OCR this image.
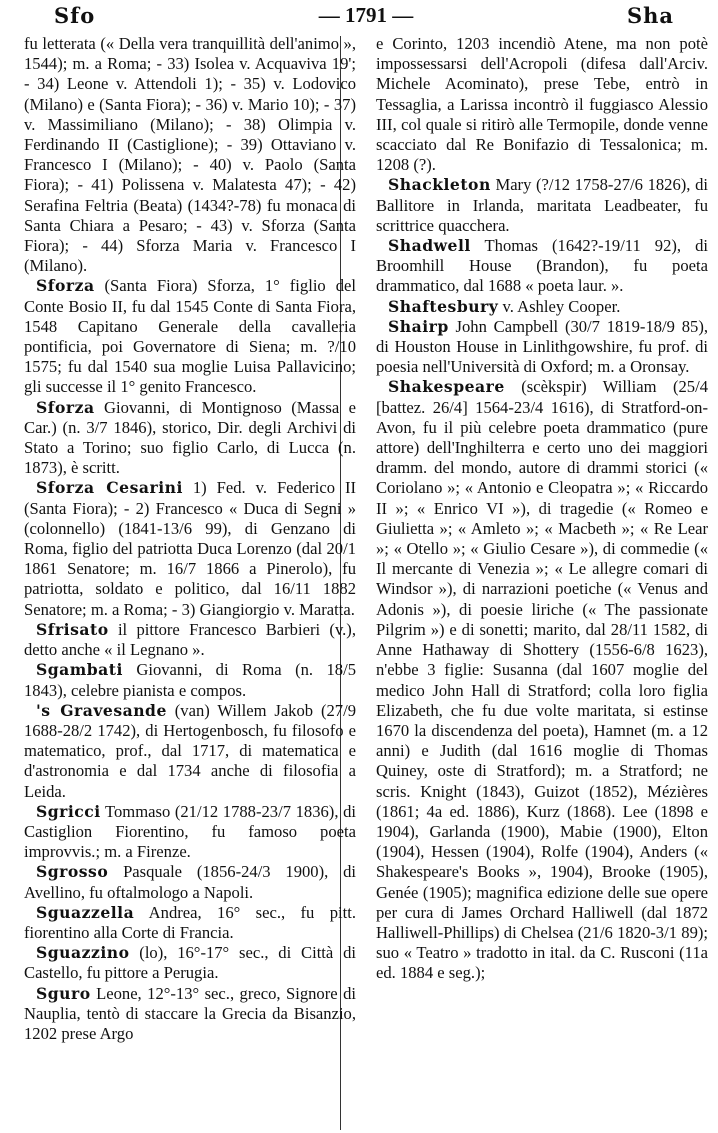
Sfo	— 1791 —	Sha

fu letterata (« Della vera tranquillità dell'animo », 1544); m. a Roma; - 33) Isolea v. Acquaviva 19'; - 34) Leone v. Attendoli 1); - 35) v. Lodovico (Milano) e (Santa Fiora); - 36) v. Mario 10); - 37) v. Massimiliano (Milano); - 38) Olimpia v. Ferdinando II (Castiglione); - 39) Ottaviano v. Francesco I (Milano); - 40) v. Paolo (Santa Fiora); - 41) Polissena v. Malatesta 47); - 42) Serafina Feltria (Beata) (1434?-78) fu monaca di Santa Chiara a Pesaro; - 43) v. Sforza (Santa Fiora); - 44) Sforza Maria v. Francesco I (Milano).

Sforza (Santa Fiora) Sforza, 1° figlio del Conte Bosio II, fu dal 1545 Conte di Santa Fiora, 1548 Capitano Generale della cavalleria pontificia, poi Governatore di Siena; m. ?/10 1575; fu dal 1540 sua moglie Luisa Pallavicino; gli successe il 1° genito Francesco.

Sforza Giovanni, di Montignoso (Massa e Car.) (n. 3/7 1846), storico, Dir. degli Archivi di Stato a Torino; suo figlio Carlo, di Lucca (n. 1873), è scritt.

Sforza Cesarini 1) Fed. v. Federico II (Santa Fiora); - 2) Francesco « Duca di Segni » (colonnello) (1841-13/6 99), di Genzano di Roma, figlio del patriotta Duca Lorenzo (dal 20/1 1861 Senatore; m. 16/7 1866 a Pinerolo), fu patriotta, soldato e politico, dal 16/11 1882 Senatore; m. a Roma; - 3) Giangiorgio v. Maratta.

Sfrisato il pittore Francesco Barbieri (v.), detto anche « il Legnano ».

Sgambati Giovanni, di Roma (n. 18/5 1843), celebre pianista e compos.

's Gravesande (van) Willem Jakob (27/9 1688-28/2 1742), di Hertogenbosch, fu filosofo e matematico, prof., dal 1717, di matematica e d'astronomia e dal 1734 anche di filosofia a Leida.

Sgricci Tommaso (21/12 1788-23/7 1836), di Castiglion Fiorentino, fu famoso poeta improvvis.; m. a Firenze.

Sgrosso Pasquale (1856-24/3 1900), di Avellino, fu oftalmologo a Napoli.

Sguazzella Andrea, 16° sec., fu pitt. fiorentino alla Corte di Francia.

Sguazzino (lo), 16°-17° sec., di Città di Castello, fu pittore a Perugia.

Sguro Leone, 12°-13° sec., greco, Signore di Nauplia, tentò di staccare la Grecia da Bisanzio, 1202 prese Argo

e Corinto, 1203 incendiò Atene, ma non potè impossessarsi dell'Acropoli (difesa dall'Arciv. Michele Acominato), prese Tebe, entrò in Tessaglia, a Larissa incontrò il fuggiasco Alessio III, col quale si ritirò alle Termopile, donde venne scacciato dal Re Bonifazio di Tessalonica; m. 1208 (?).

Shackleton Mary (?/12 1758-27/6 1826), di Ballitore in Irlanda, maritata Leadbeater, fu scrittrice quacchera.

Shadwell Thomas (1642?-19/11 92), di Broomhill House (Brandon), fu poeta drammatico, dal 1688 « poeta laur. ».

Shaftesbury v. Ashley Cooper.

Shairp John Campbell (30/7 1819-18/9 85), di Houston House in Linlithgowshire, fu prof. di poesia nell'Università di Oxford; m. a Oronsay.

Shakespeare (scèkspir) William (25/4 [battez. 26/4] 1564-23/4 1616), di Stratford-on-Avon, fu il più celebre poeta drammatico (pure attore) dell'Inghilterra e certo uno dei maggiori dramm. del mondo, autore di drammi storici (« Coriolano »; « Antonio e Cleopatra »; « Riccardo II »; « Enrico VI »), di tragedie (« Romeo e Giulietta »; « Amleto »; « Macbeth »; « Re Lear »; « Otello »; « Giulio Cesare »), di commedie (« Il mercante di Venezia »; « Le allegre comari di Windsor »), di narrazioni poetiche (« Venus and Adonis »), di poesie liriche (« The passionate Pilgrim ») e di sonetti; marito, dal 28/11 1582, di Anne Hathaway di Shottery (1556-6/8 1623), n'ebbe 3 figlie: Susanna (dal 1607 moglie del medico John Hall di Stratford; colla loro figlia Elizabeth, che fu due volte maritata, si estinse 1670 la discendenza del poeta), Hamnet (m. a 12 anni) e Judith (dal 1616 moglie di Thomas Quiney, oste di Stratford); m. a Stratford; ne scris. Knight (1843), Guizot (1852), Mézières (1861; 4a ed. 1886), Kurz (1868). Lee (1898 e 1904), Garlanda (1900), Mabie (1900), Elton (1904), Hessen (1904), Rolfe (1904), Anders (« Shakespeare's Books », 1904), Brooke (1905), Genée (1905); magnifica edizione delle sue opere per cura di James Orchard Halliwell (dal 1872 Halliwell-Phillips) di Chelsea (21/6 1820-3/1 89); suo « Teatro » tradotto in ital. da C. Rusconi (11a ed. 1884 e seg.);
